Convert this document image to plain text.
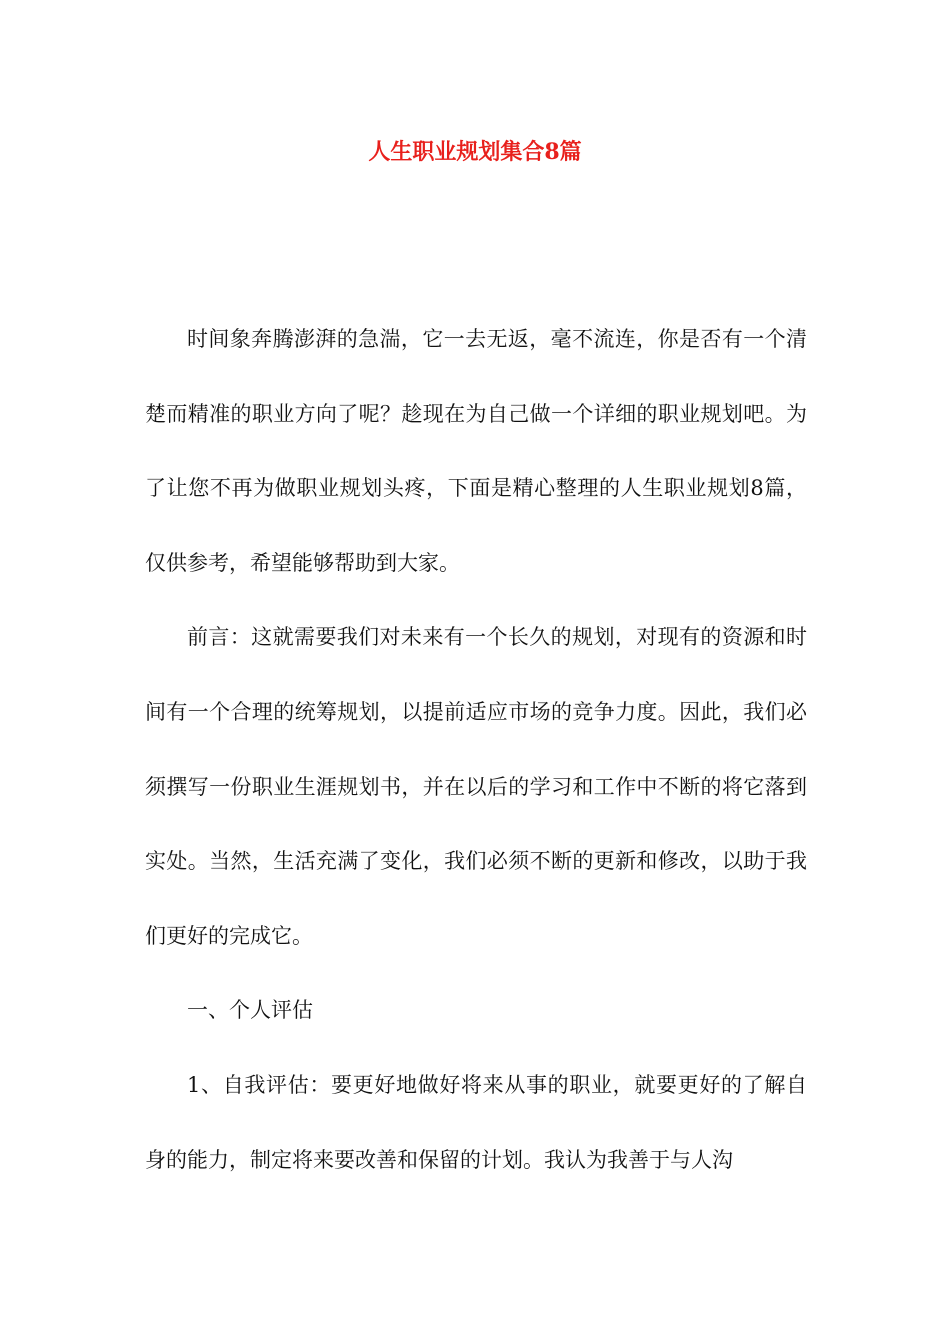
人生职业规划集合8篇

时间象奔腾澎湃的急湍，它一去无返，毫不流连，你是否有一个清楚而精准的职业方向了呢？趁现在为自己做一个详细的职业规划吧。为了让您不再为做职业规划头疼，下面是精心整理的人生职业规划8篇，仅供参考，希望能够帮助到大家。

前言：这就需要我们对未来有一个长久的规划，对现有的资源和时间有一个合理的统筹规划，以提前适应市场的竞争力度。因此，我们必须撰写一份职业生涯规划书，并在以后的学习和工作中不断的将它落到实处。当然，生活充满了变化，我们必须不断的更新和修改，以助于我们更好的完成它。

一、个人评估

1、自我评估：要更好地做好将来从事的职业，就要更好的了解自身的能力，制定将来要改善和保留的计划。我认为我善于与人沟
